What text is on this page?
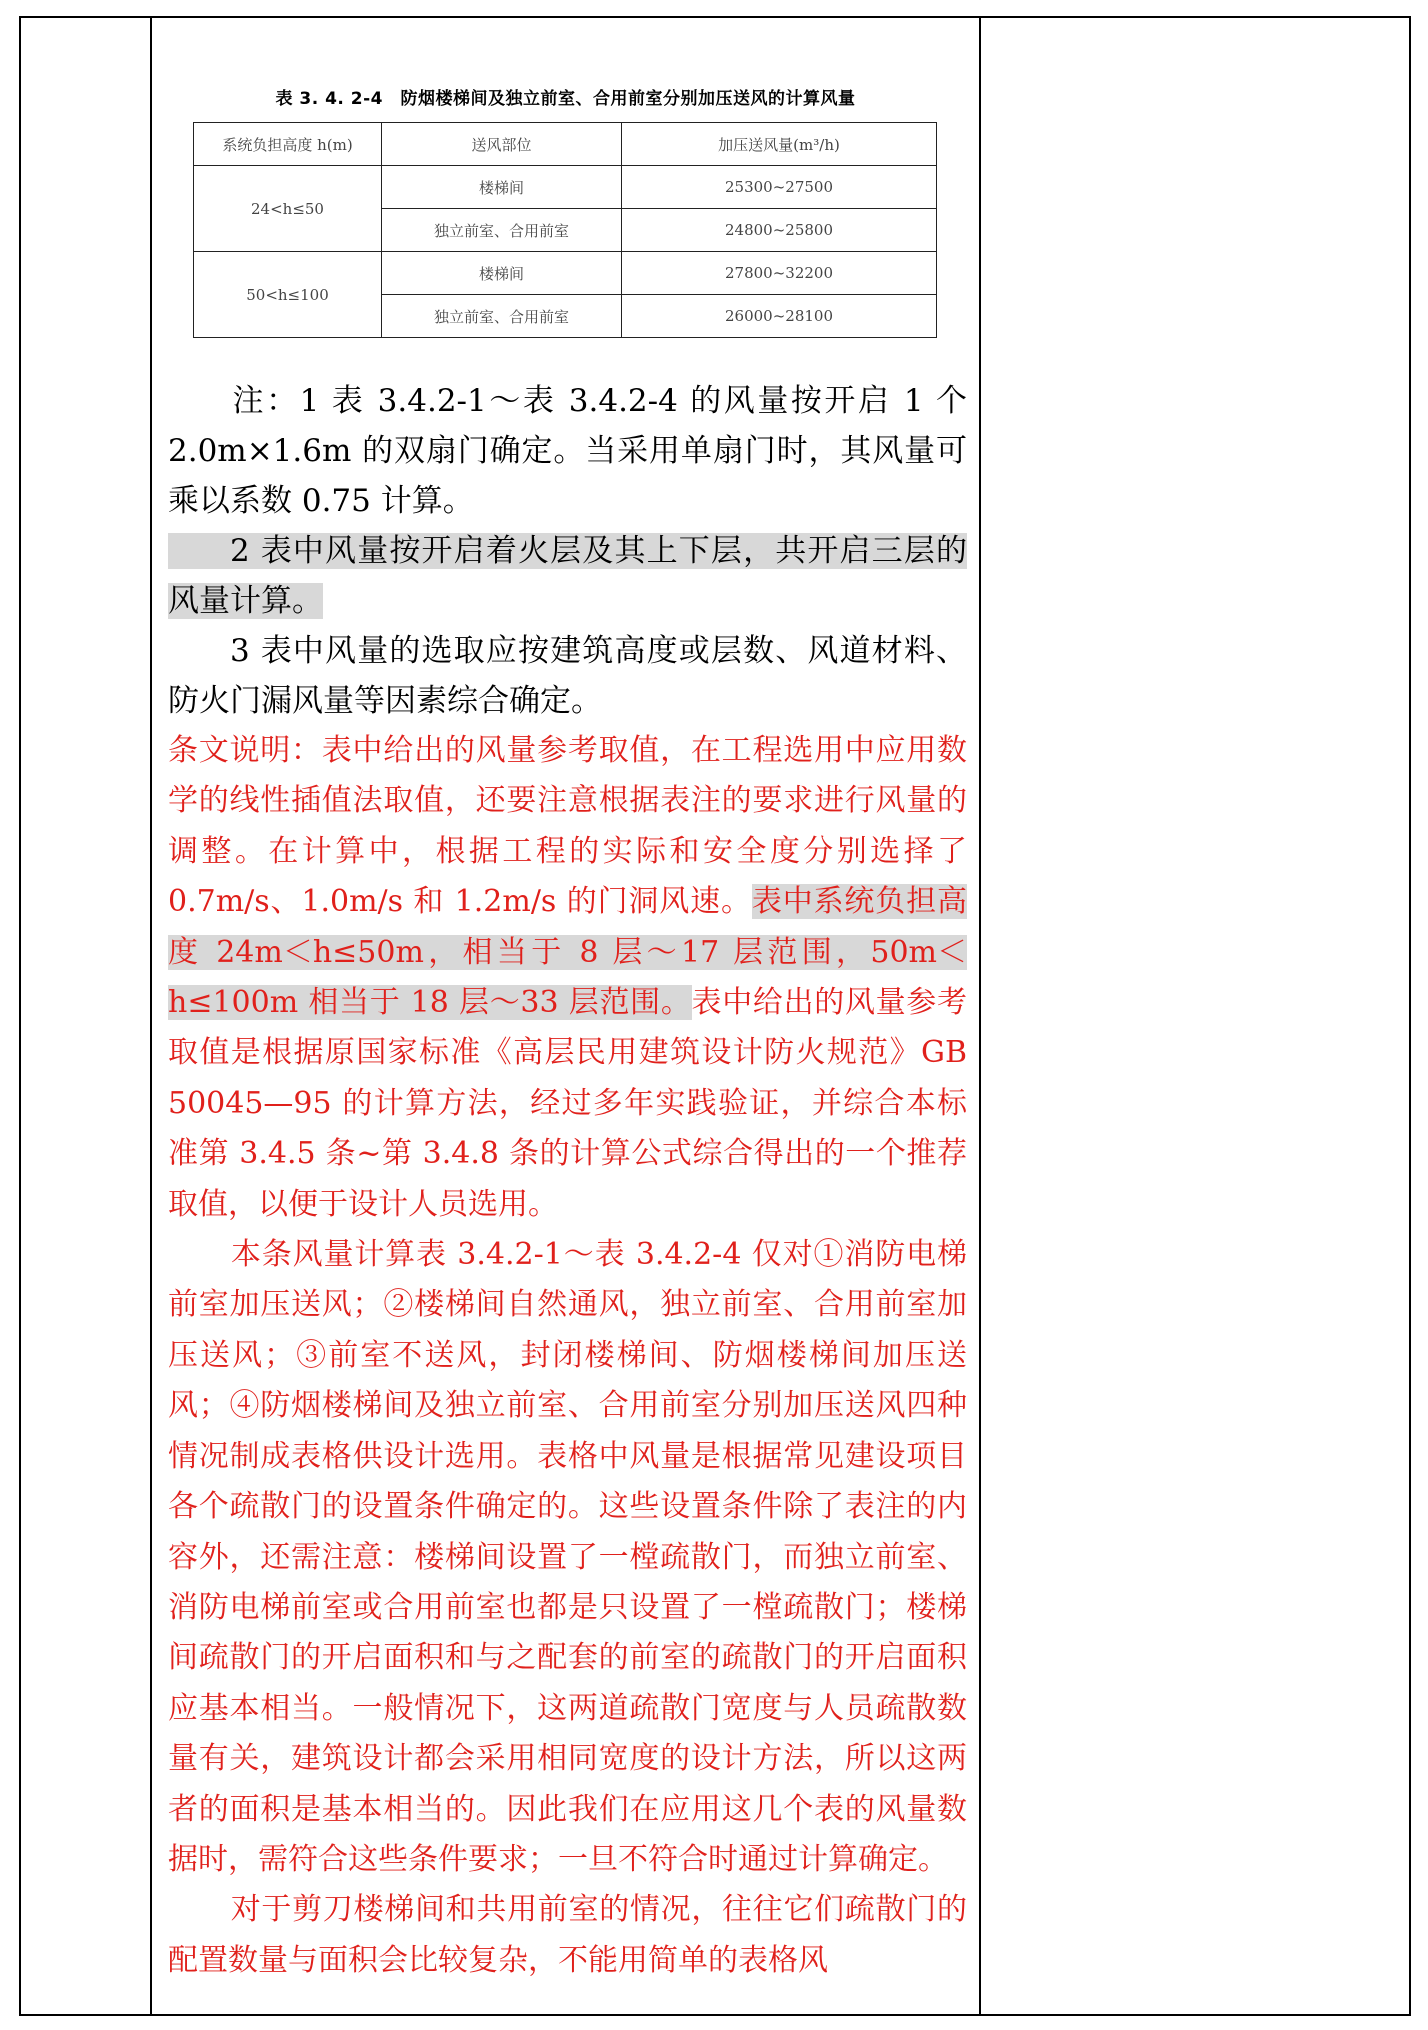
表 3. 4. 2-4　防烟楼梯间及独立前室、合用前室分别加压送风的计算风量
系统负担高度 h(m)	送风部位	加压送风量(m³/h)
24<h≤50	楼梯间	25300~27500
	独立前室、合用前室	24800~25800
50<h≤100	楼梯间	27800~32200
	独立前室、合用前室	26000~28100

注：1 表 3.4.2-1～表 3.4.2-4 的风量按开启 1 个 2.0m×1.6m 的双扇门确定。当采用单扇门时，其风量可乘以系数 0.75 计算。

2 表中风量按开启着火层及其上下层，共开启三层的风量计算。

3 表中风量的选取应按建筑高度或层数、风道材料、防火门漏风量等因素综合确定。

条文说明：表中给出的风量参考取值，在工程选用中应用数学的线性插值法取值，还要注意根据表注的要求进行风量的调整。在计算中，根据工程的实际和安全度分别选择了 0.7m/s、1.0m/s 和 1.2m/s 的门洞风速。表中系统负担高度 24m＜h≤50m，相当于 8 层～17 层范围，50m＜h≤100m 相当于 18 层～33 层范围。表中给出的风量参考取值是根据原国家标准《高层民用建筑设计防火规范》GB 50045—95 的计算方法，经过多年实践验证，并综合本标准第 3.4.5 条~第 3.4.8 条的计算公式综合得出的一个推荐取值，以便于设计人员选用。

本条风量计算表 3.4.2-1～表 3.4.2-4 仅对①消防电梯前室加压送风；②楼梯间自然通风，独立前室、合用前室加压送风；③前室不送风，封闭楼梯间、防烟楼梯间加压送风；④防烟楼梯间及独立前室、合用前室分别加压送风四种情况制成表格供设计选用。表格中风量是根据常见建设项目各个疏散门的设置条件确定的。这些设置条件除了表注的内容外，还需注意：楼梯间设置了一樘疏散门，而独立前室、消防电梯前室或合用前室也都是只设置了一樘疏散门；楼梯间疏散门的开启面积和与之配套的前室的疏散门的开启面积应基本相当。一般情况下，这两道疏散门宽度与人员疏散数量有关，建筑设计都会采用相同宽度的设计方法，所以这两者的面积是基本相当的。因此我们在应用这几个表的风量数据时，需符合这些条件要求；一旦不符合时通过计算确定。

对于剪刀楼梯间和共用前室的情况，往往它们疏散门的配置数量与面积会比较复杂，不能用简单的表格风
